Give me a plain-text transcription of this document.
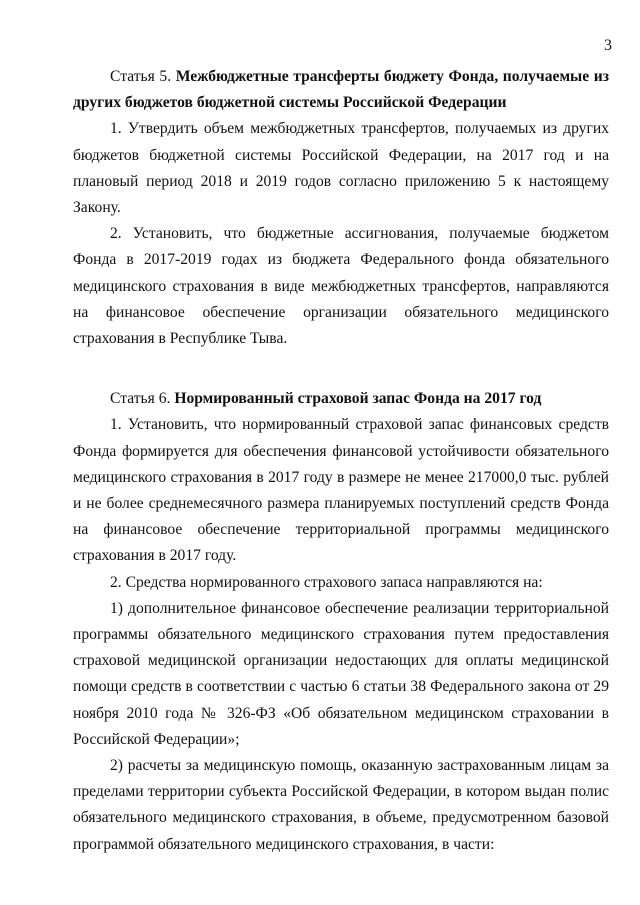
3

Статья 5. Межбюджетные трансферты бюджету Фонда, получаемые из других бюджетов бюджетной системы Российской Федерации

1. Утвердить объем межбюджетных трансфертов, получаемых из других бюджетов бюджетной системы Российской Федерации, на 2017 год и на плановый период 2018 и 2019 годов согласно приложению 5 к настоящему Закону.

2. Установить, что бюджетные ассигнования, получаемые бюджетом Фонда в 2017-2019 годах из бюджета Федерального фонда обязательного медицинского страхования в виде межбюджетных трансфертов, направляются на финансовое обеспечение организации обязательного медицинского страхования в Республике Тыва.

Статья 6. Нормированный страховой запас Фонда на 2017 год

1. Установить, что нормированный страховой запас финансовых средств Фонда формируется для обеспечения финансовой устойчивости обязательного медицинского страхования в 2017 году в размере не менее 217000,0 тыс. рублей и не более среднемесячного размера планируемых поступлений средств Фонда на финансовое обеспечение территориальной программы медицинского страхования в 2017 году.

2. Средства нормированного страхового запаса направляются на:

1) дополнительное финансовое обеспечение реализации территориальной программы обязательного медицинского страхования путем предоставления страховой медицинской организации недостающих для оплаты медицинской помощи средств в соответствии с частью 6 статьи 38 Федерального закона от 29 ноября 2010 года № 326-ФЗ «Об обязательном медицинском страховании в Российской Федерации»;

2) расчеты за медицинскую помощь, оказанную застрахованным лицам за пределами территории субъекта Российской Федерации, в котором выдан полис обязательного медицинского страхования, в объеме, предусмотренном базовой программой обязательного медицинского страхования, в части:
